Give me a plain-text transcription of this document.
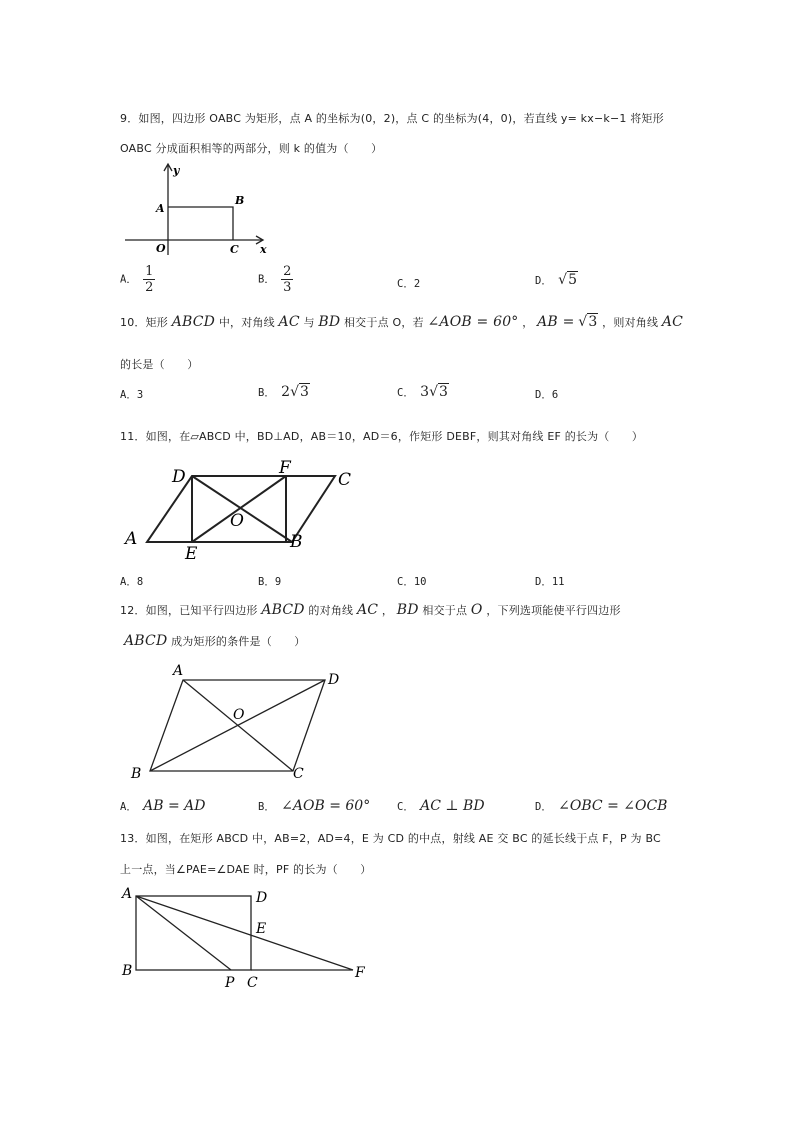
9．如图，四边形 OABC 为矩形，点 A 的坐标为(0，2)，点 C 的坐标为(4，0)，若直线 y= kx−k−1 将矩形
OABC 分成面积相等的两部分，则 k 的值为（　　）
y
A
B
O	C x
A． $\frac{1}{2}$	B． $\frac{2}{3}$	C．2	D． √5
10．矩形 ABCD 中，对角线 AC 与 BD 相交于点 O，若 ∠AOB = 60° ， AB = √3 ，则对角线 AC
的长是（　　）
A．3	B． 2√3	C． 3√3	D．6
11．如图，在▱ABCD 中，BD⊥AD，AB＝10，AD＝6，作矩形 DEBF，则其对角线 EF 的长为（　　）
D	F
C
O
A
E
B
A．8	B．9	C．10	D．11
12．如图，已知平行四边形 ABCD 的对角线 AC ， BD 相交于点 O ，下列选项能使平行四边形
ABCD 成为矩形的条件是（　　）
A
D
O
B	C
A． AB = AD	B． ∠AOB = 60°	C． AC ⊥ BD	D． ∠OBC = ∠OCB
13．如图，在矩形 ABCD 中，AB=2，AD=4，E 为 CD 的中点，射线 AE 交 BC 的延长线于点 F，P 为 BC
上一点，当∠PAE=∠DAE 时，PF 的长为（　　）
A	D
E
B
P C
F
